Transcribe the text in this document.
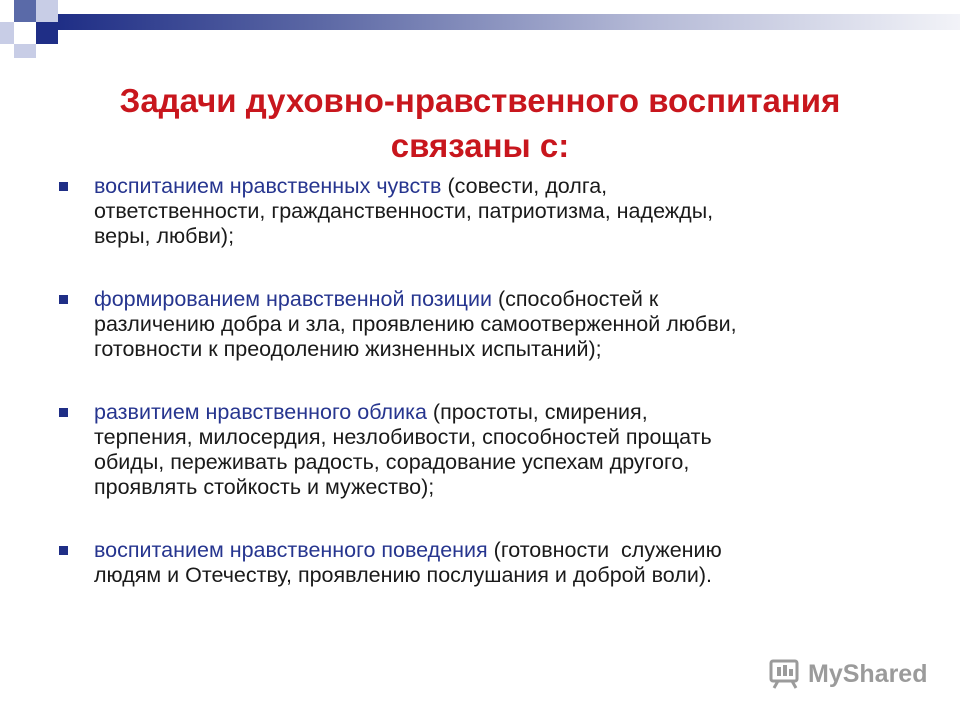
Задачи духовно-нравственного воспитания
связаны с:
воспитанием нравственных чувств (совести, долга,
ответственности, гражданственности, патриотизма, надежды,
веры, любви);
формированием нравственной позиции (способностей к
различению добра и зла, проявлению самоотверженной любви,
готовности к преодолению жизненных испытаний);
развитием нравственного облика (простоты, смирения,
терпения, милосердия, незлобивости, способностей прощать
обиды, переживать радость, сорадование успехам другого,
проявлять стойкость и мужество);
воспитанием нравственного поведения (готовности  служению
людям и Отечеству, проявлению послушания и доброй воли).
MyShared
